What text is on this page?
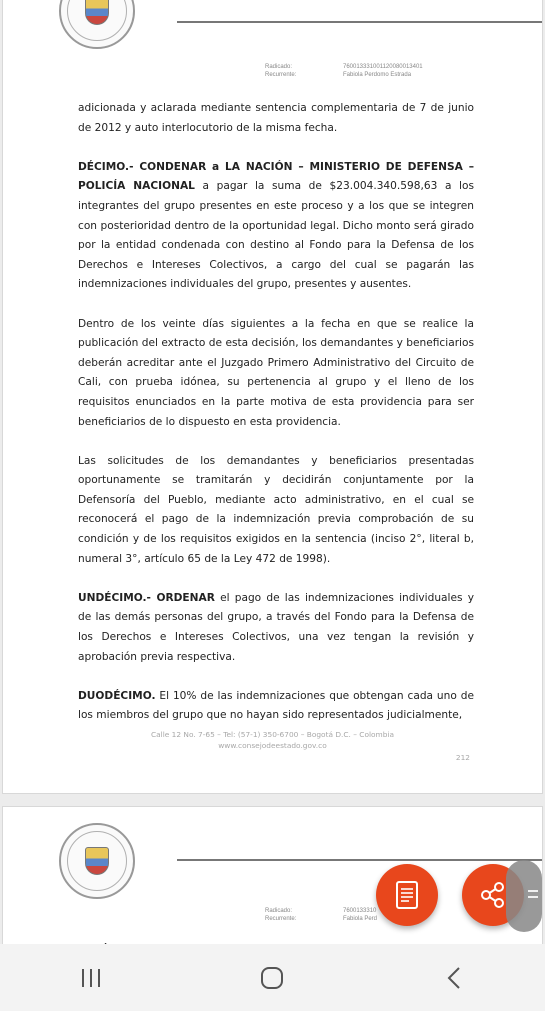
Radicado:	76001333100112008001340​1
Recurrente:	Fabiola Perdomo Estrada

adicionada y aclarada mediante sentencia complementaria de 7 de junio de 2012 y auto interlocutorio de la misma fecha.

DÉCIMO.- CONDENAR a LA NACIÓN – MINISTERIO DE DEFENSA – POLICÍA NACIONAL a pagar la suma de $23.004.340.598,63 a los integrantes del grupo presentes en este proceso y a los que se integren con posterioridad dentro de la oportunidad legal. Dicho monto será girado por la entidad condenada con destino al Fondo para la Defensa de los Derechos e Intereses Colectivos, a cargo del cual se pagarán las indemnizaciones individuales del grupo, presentes y ausentes.

Dentro de los veinte días siguientes a la fecha en que se realice la publicación del extracto de esta decisión, los demandantes y beneficiarios deberán acreditar ante el Juzgado Primero Administrativo del Circuito de Cali, con prueba idónea, su pertenencia al grupo y el lleno de los requisitos enunciados en la parte motiva de esta providencia para ser beneficiarios de lo dispuesto en esta providencia.

Las solicitudes de los demandantes y beneficiarios presentadas oportunamente se tramitarán y decidirán conjuntamente por la Defensoría del Pueblo, mediante acto administrativo, en el cual se reconocerá el pago de la indemnización previa comprobación de su condición y de los requisitos exigidos en la sentencia (inciso 2°, literal b, numeral 3°, artículo 65 de la Ley 472 de 1998).

UNDÉCIMO.- ORDENAR el pago de las indemnizaciones individuales y de las demás personas del grupo, a través del Fondo para la Defensa de los Derechos e Intereses Colectivos, una vez tengan la revisión y aprobación previa respectiva.

DUODÉCIMO. El 10% de las indemnizaciones que obtengan cada uno de los miembros del grupo que no hayan sido representados judicialmente,

Calle 12 No. 7-65 – Tel: (57-1) 350-6700 – Bogotá D.C. – Colombia
www.consejodeestado.gov.co
212
Radicado:	7600133310
Recurrente:	Fabiola Perd
